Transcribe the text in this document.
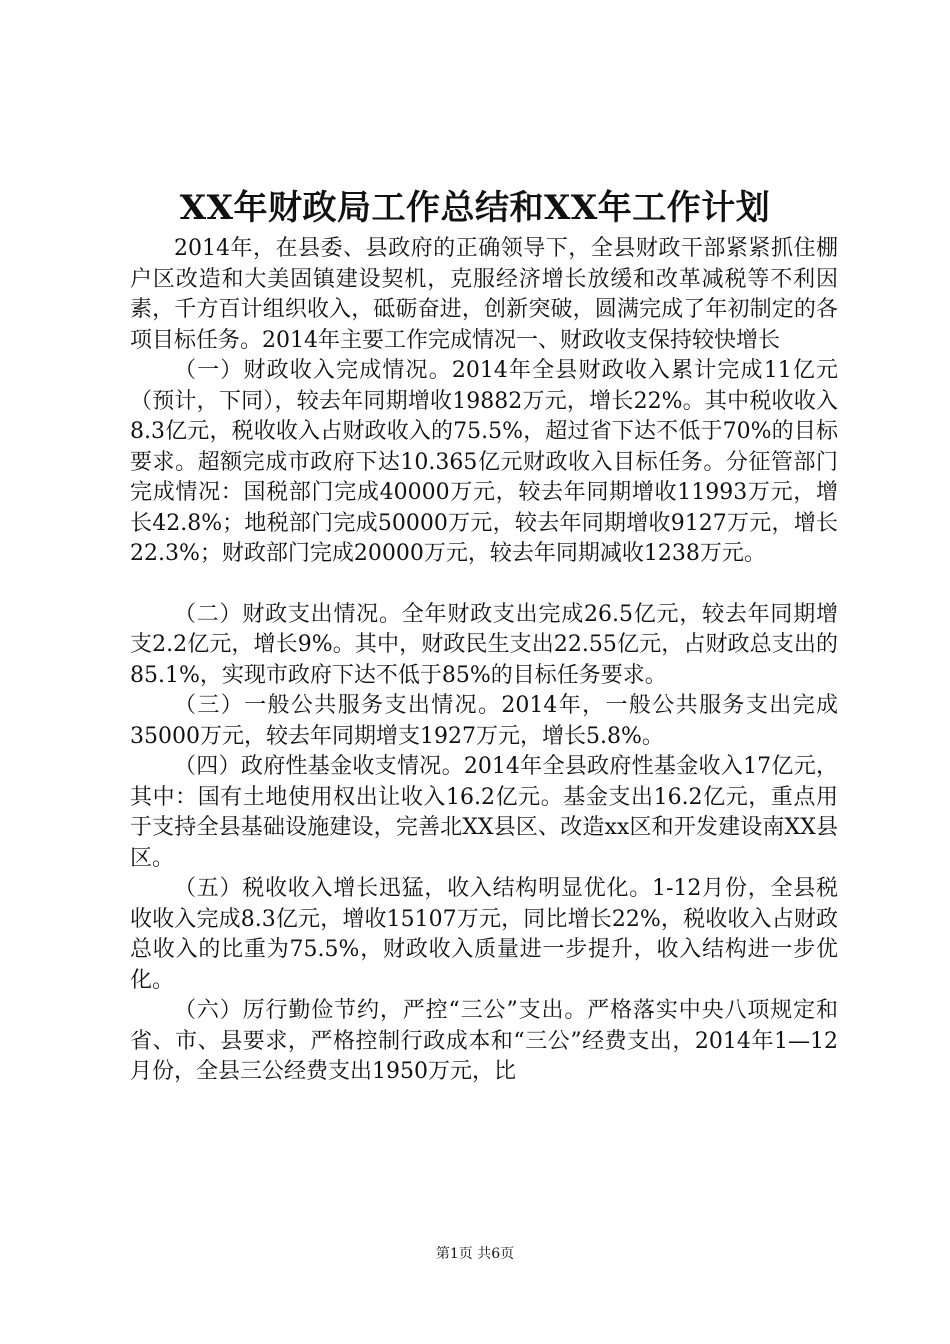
XX年财政局工作总结和XX年工作计划

2014年，在县委、县政府的正确领导下，全县财政干部紧紧抓住棚户区改造和大美固镇建设契机，克服经济增长放缓和改革减税等不利因素，千方百计组织收入，砥砺奋进，创新突破，圆满完成了年初制定的各项目标任务。2014年主要工作完成情况一、财政收支保持较快增长

（一）财政收入完成情况。2014年全县财政收入累计完成11亿元（预计，下同），较去年同期增收19882万元，增长22%。其中税收收入8.3亿元，税收收入占财政收入的75.5%，超过省下达不低于70%的目标要求。超额完成市政府下达10.365亿元财政收入目标任务。分征管部门完成情况：国税部门完成40000万元，较去年同期增收11993万元，增长42.8%；地税部门完成50000万元，较去年同期增收9127万元，增长22.3%；财政部门完成20000万元，较去年同期减收1238万元。

（二）财政支出情况。全年财政支出完成26.5亿元，较去年同期增支2.2亿元，增长9%。其中，财政民生支出22.55亿元，占财政总支出的85.1%，实现市政府下达不低于85%的目标任务要求。

（三）一般公共服务支出情况。2014年，一般公共服务支出完成35000万元，较去年同期增支1927万元，增长5.8%。

（四）政府性基金收支情况。2014年全县政府性基金收入17亿元，其中：国有土地使用权出让收入16.2亿元。基金支出16.2亿元，重点用于支持全县基础设施建设，完善北XX县区、改造xx区和开发建设南XX县区。

（五）税收收入增长迅猛，收入结构明显优化。1-12月份，全县税收收入完成8.3亿元，增收15107万元，同比增长22%，税收收入占财政总收入的比重为75.5%，财政收入质量进一步提升，收入结构进一步优化。

（六）厉行勤俭节约，严控“三公”支出。严格落实中央八项规定和省、市、县要求，严格控制行政成本和“三公”经费支出，2014年1—12月份，全县三公经费支出1950万元，比

第1页 共6页
